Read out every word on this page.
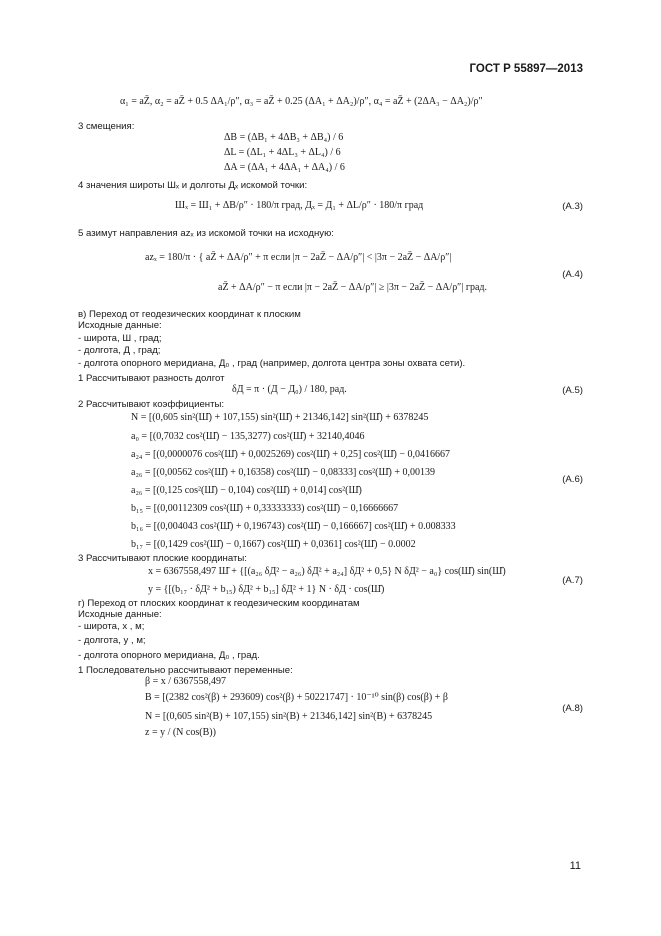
ГОСТ Р 55897—2013
α₁ = aZ̄, α₂ = aZ̄ + 0.5 ΔA₁/ρ″, α₃ = aZ̄ + 0.25 (ΔA₁ + ΔA₂)/ρ″, α₄ = aZ̄ + (2ΔA₃ − ΔA₂)/ρ″
3 смещения:
ΔB = (ΔB₁ + 4ΔB₃ + ΔB₄) / 6
ΔL = (ΔL₁ + 4ΔL₃ + ΔL₄) / 6
ΔA = (ΔA₁ + 4ΔA₁ + ΔA₄) / 6
4 значения широты Шₓ и долготы Дₓ искомой точки:
Шₓ = Ш₁ + ΔB/ρ″ · 180/π град, Дₓ = Д₁ + ΔL/ρ″ · 180/π град
5 азимут направления azₓ из искомой точки на исходную:
azₓ = 180/π · { aZ̄ + ΔA/ρ″ + π если |π − 2aZ̄ − ΔA/ρ″| < |3π − 2aZ̄ − ΔA/ρ″|
aZ̄ + ΔA/ρ″ − π если |π − 2aZ̄ − ΔA/ρ″| ≥ |3π − 2aZ̄ − ΔA/ρ″| град.
в) Переход от геодезических координат к плоским
Исходные данные:
- широта, Ш , град;
- долгота, Д , град;
- долгота опорного меридиана, Д₀ , град (например, долгота центра зоны охвата сети).
1 Рассчитывают разность долгот
δД = π · (Д − Д₀) / 180, рад.
2 Рассчитывают коэффициенты:
N = [(0,605 sin²(Ш̄) + 107,155) sin²(Ш̄) + 21346,142] sin²(Ш̄) + 6378245
a₀ = [(0,7032 cos²(Ш̄) − 135,3277) cos²(Ш̄) + 32140,4046
a₂₄ = [(0,0000076 cos²(Ш̄) + 0,0025269) cos²(Ш̄) + 0,25] cos²(Ш̄) − 0,0416667
a₂₆ = [(0,00562 cos²(Ш̄) + 0,16358) cos²(Ш̄) − 0,08333] cos²(Ш̄) + 0,00139
a₂₆ = [(0,125 cos²(Ш̄) − 0,104) cos²(Ш̄) + 0,014] cos²(Ш̄)
b₁₅ = [(0,00112309 cos²(Ш̄) + 0,33333333) cos²(Ш̄) − 0,16666667
b₁₆ = [(0,004043 cos²(Ш̄) + 0,196743) cos²(Ш̄) − 0,166667] cos²(Ш̄) + 0.008333
b₁₇ = [(0,1429 cos²(Ш̄) − 0,1667) cos²(Ш̄) + 0,0361] cos²(Ш̄) − 0.0002
3 Рассчитывают плоские координаты:
x = 6367558,497 Ш̄ + {[(a₂₆ δД² − a₂₆) δД² + a₂₄] δД² + 0,5} N δД² − a₀} cos(Ш̄) sin(Ш̄)
y = {[(b₁₇ · δД² + b₁₅) δД² + b₁₅] δД² + 1} N · δД · cos(Ш̄)
г) Переход от плоских координат к геодезическим координатам
Исходные данные:
- широта, x , м;
- долгота, y , м;
- долгота опорного меридиана, Д₀ , град.
1 Последовательно рассчитывают переменные:
β = x / 6367558,497
B = [(2382 cos²(β) + 293609) cos²(β) + 50221747] · 10⁻¹⁰ sin(β) cos(β) + β
N = [(0,605 sin²(B) + 107,155) sin²(B) + 21346,142] sin²(B) + 6378245
z = y / (N cos(B))
(А.3)
(А.4)
(А.5)
(А.6)
(А.7)
(А.8)
11
